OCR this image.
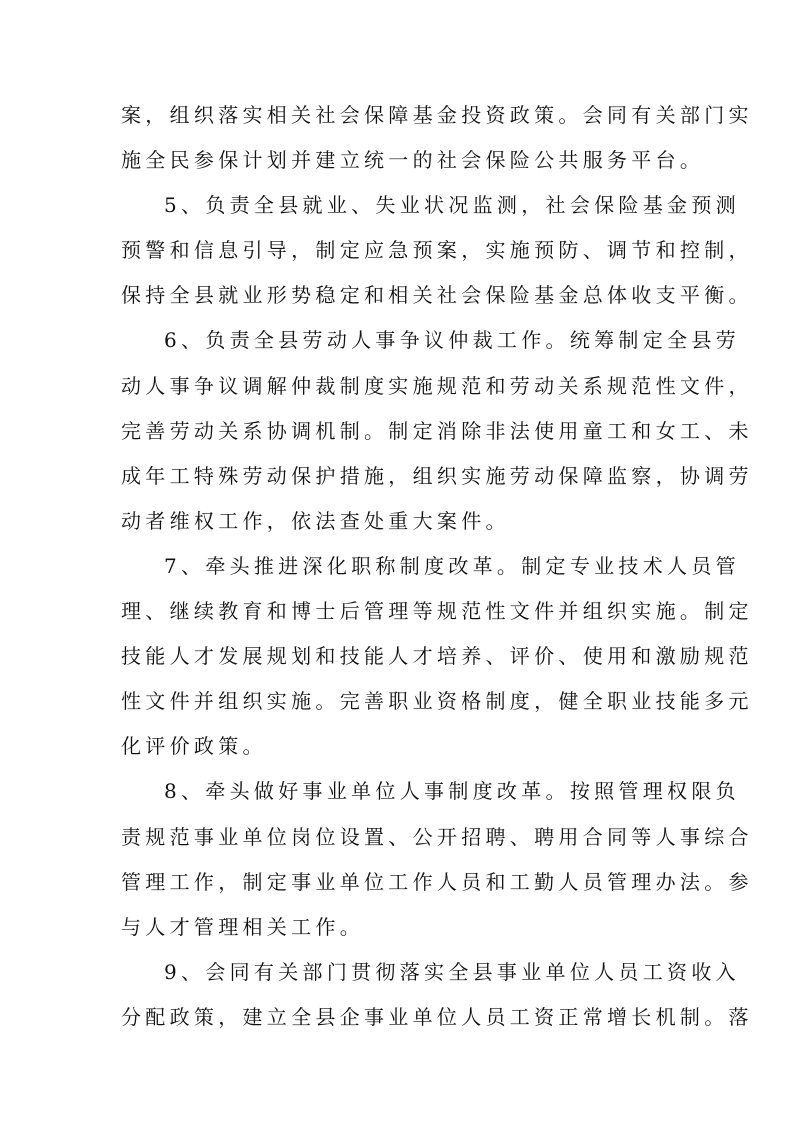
案，组织落实相关社会保障基金投资政策。会同有关部门实
施全民参保计划并建立统一的社会保险公共服务平台。
5、负责全县就业、失业状况监测，社会保险基金预测
预警和信息引导，制定应急预案，实施预防、调节和控制，
保持全县就业形势稳定和相关社会保险基金总体收支平衡。
6、负责全县劳动人事争议仲裁工作。统筹制定全县劳
动人事争议调解仲裁制度实施规范和劳动关系规范性文件，
完善劳动关系协调机制。制定消除非法使用童工和女工、未
成年工特殊劳动保护措施，组织实施劳动保障监察，协调劳
动者维权工作，依法查处重大案件。
7、牵头推进深化职称制度改革。制定专业技术人员管
理、继续教育和博士后管理等规范性文件并组织实施。制定
技能人才发展规划和技能人才培养、评价、使用和激励规范
性文件并组织实施。完善职业资格制度，健全职业技能多元
化评价政策。
8、牵头做好事业单位人事制度改革。按照管理权限负
责规范事业单位岗位设置、公开招聘、聘用合同等人事综合
管理工作，制定事业单位工作人员和工勤人员管理办法。参
与人才管理相关工作。
9、会同有关部门贯彻落实全县事业单位人员工资收入
分配政策，建立全县企事业单位人员工资正常增长机制。落
